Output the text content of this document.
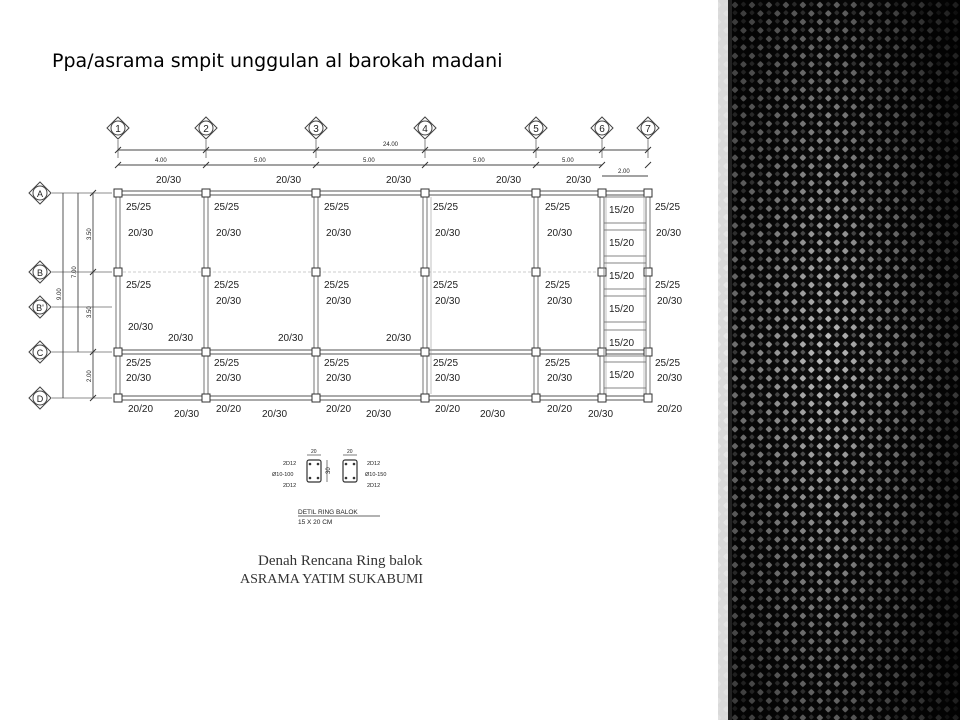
Ppa/asrama smpit unggulan al barokah madani
1	2	3	4	5	6	7
A
B
B'
C
D
24.00
4.00	5.00	5.00	5.00	5.00
2.00
9.00
7.00
3.50
3.50
2.00
20/30	20/30	20/30	20/30	20/30
25/25	25/25	25/25	25/25	25/25	25/25
20/30	20/30	20/30	20/30	20/30	20/30
25/25	25/25	25/25	25/25	25/25	25/25
20/30	20/30	20/30	20/30	20/30
20/30
20/30	20/30	20/30
25/25	25/25	25/25	25/25	25/25	25/25
20/30	20/30	20/30	20/30	20/30	20/30
20/20 20/30 20/20 20/30	20/20 20/30	20/20 20/30	20/20 20/30	20/20
15/20
15/20
15/20
15/20
15/20
15/20
20	20
30
2D12
Ø10-100
2D12
2D12
Ø10-150
2D12
DETIL RING BALOK
15 X 20 CM
Denah Rencana Ring balok
ASRAMA YATIM SUKABUMI
